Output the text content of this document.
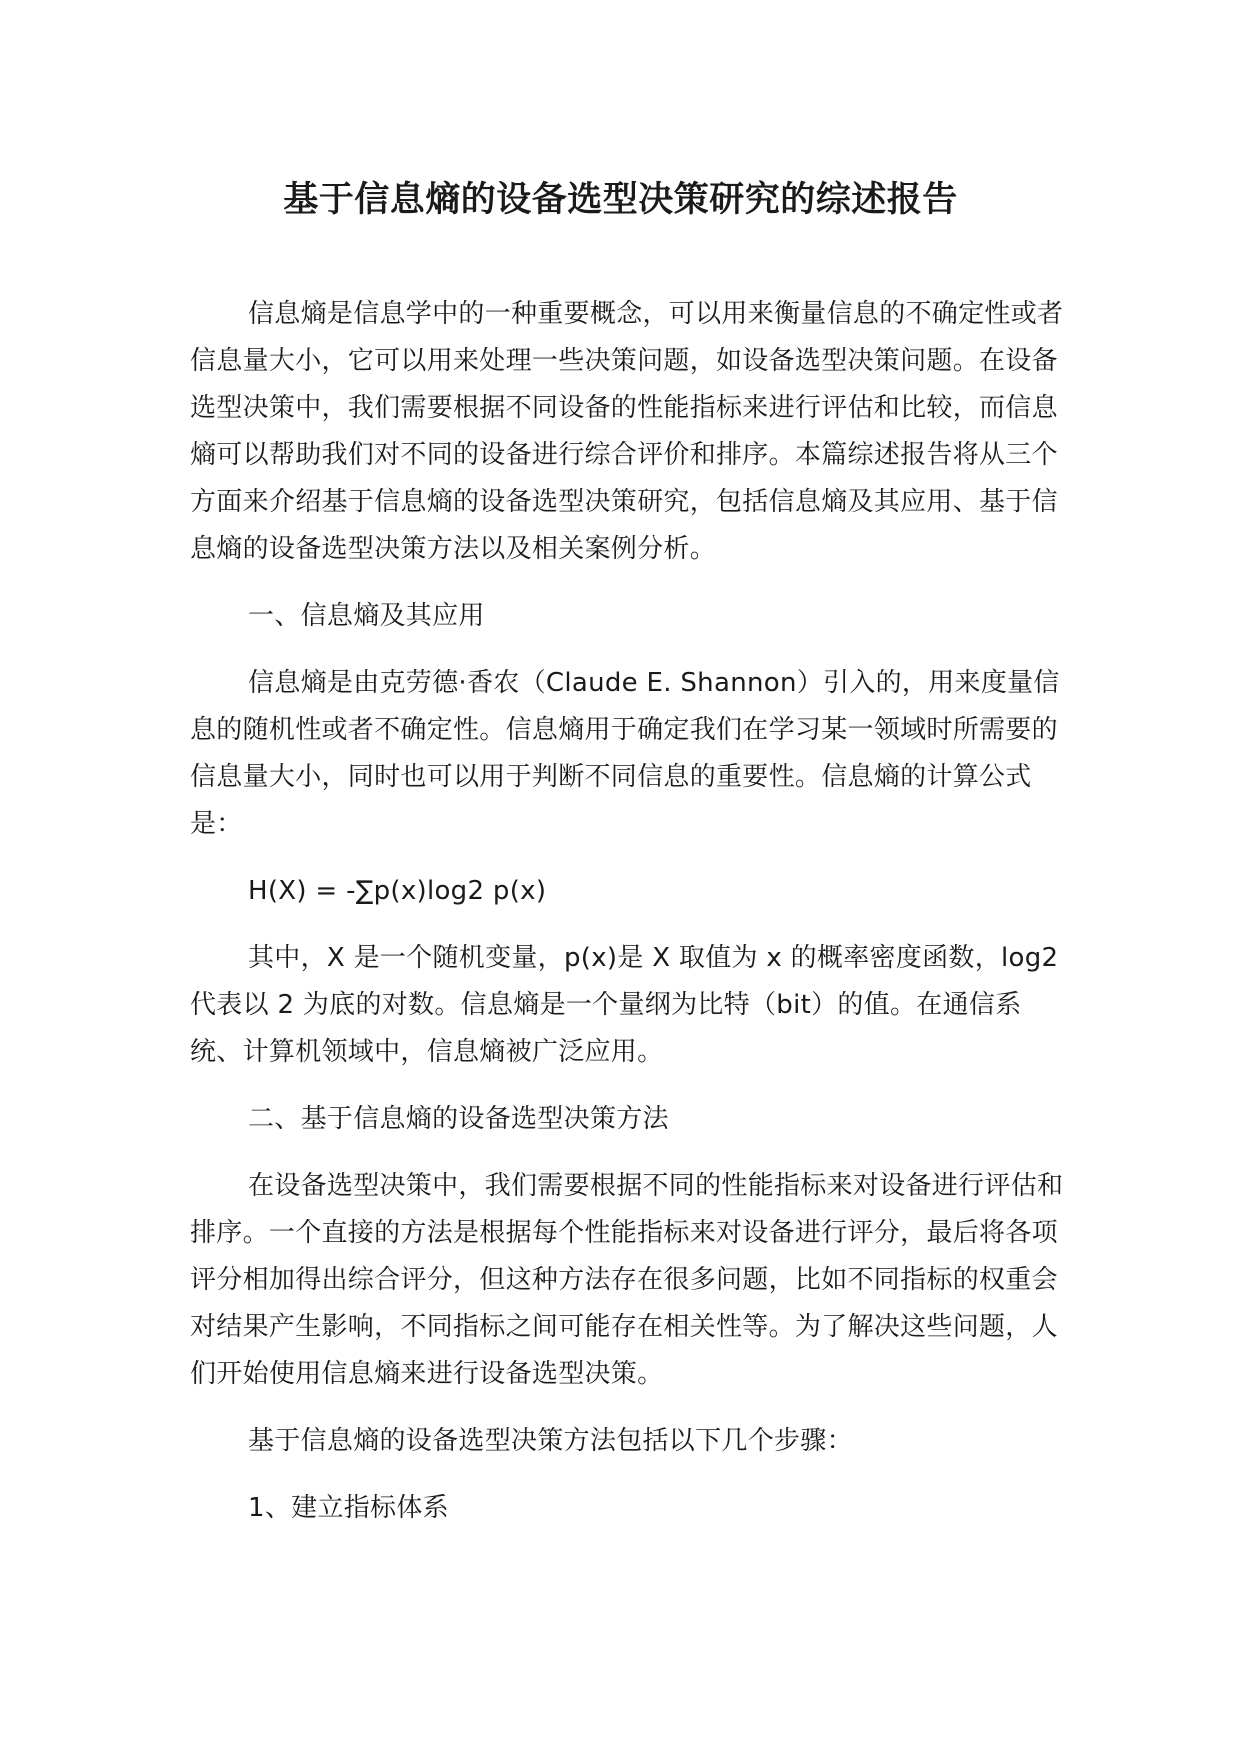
基于信息熵的设备选型决策研究的综述报告

信息熵是信息学中的一种重要概念，可以用来衡量信息的不确定性或者信息量大小，它可以用来处理一些决策问题，如设备选型决策问题。在设备选型决策中，我们需要根据不同设备的性能指标来进行评估和比较，而信息熵可以帮助我们对不同的设备进行综合评价和排序。本篇综述报告将从三个方面来介绍基于信息熵的设备选型决策研究，包括信息熵及其应用、基于信息熵的设备选型决策方法以及相关案例分析。

一、信息熵及其应用

信息熵是由克劳德·香农（Claude E. Shannon）引入的，用来度量信息的随机性或者不确定性。信息熵用于确定我们在学习某一领域时所需要的信息量大小，同时也可以用于判断不同信息的重要性。信息熵的计算公式是：

H(X) = -∑p(x)log2 p(x)

其中，X 是一个随机变量，p(x)是 X 取值为 x 的概率密度函数，log2 代表以 2 为底的对数。信息熵是一个量纲为比特（bit）的值。在通信系统、计算机领域中，信息熵被广泛应用。

二、基于信息熵的设备选型决策方法

在设备选型决策中，我们需要根据不同的性能指标来对设备进行评估和排序。一个直接的方法是根据每个性能指标来对设备进行评分，最后将各项评分相加得出综合评分，但这种方法存在很多问题，比如不同指标的权重会对结果产生影响，不同指标之间可能存在相关性等。为了解决这些问题，人们开始使用信息熵来进行设备选型决策。

基于信息熵的设备选型决策方法包括以下几个步骤：

1、建立指标体系
